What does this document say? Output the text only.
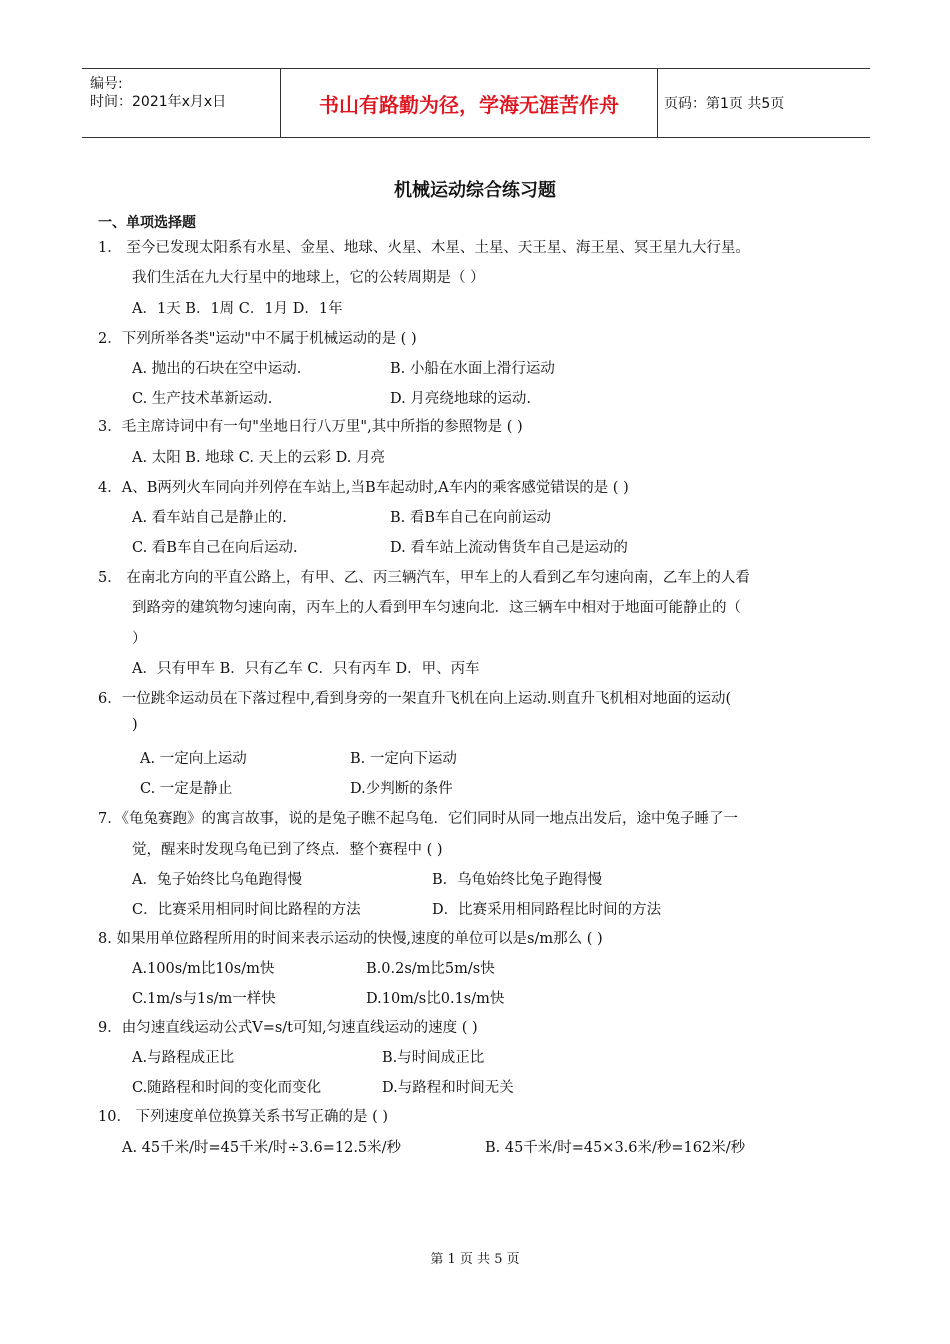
编号:
时间：2021年x月x日	书山有路勤为径，学海无涯苦作舟	页码：第1页 共5页
机械运动综合练习题
一、单项选择题
1． 至今已发现太阳系有水星、金星、地球、火星、木星、土星、天王星、海王星、冥王星九大行星。
我们生活在九大行星中的地球上，它的公转周期是（ ）
A．1天 B．1周 C．1月 D．1年
2．下列所举各类"运动"中不属于机械运动的是 ( )
A. 抛出的石块在空中运动.	B. 小船在水面上滑行运动
C. 生产技术革新运动.	D. 月亮绕地球的运动.
3．毛主席诗词中有一句"坐地日行八万里",其中所指的参照物是 ( )
A. 太阳 B. 地球 C. 天上的云彩 D. 月亮
4．A、B两列火车同向并列停在车站上,当B车起动时,A车内的乘客感觉错误的是 ( )
A. 看车站自己是静止的.	B. 看B车自己在向前运动
C. 看B车自己在向后运动.	D. 看车站上流动售货车自己是运动的
5． 在南北方向的平直公路上，有甲、乙、丙三辆汽车，甲车上的人看到乙车匀速向南，乙车上的人看
到路旁的建筑物匀速向南，丙车上的人看到甲车匀速向北．这三辆车中相对于地面可能静止的（
）
A．只有甲车 B．只有乙车 C．只有丙车 D．甲、丙车
6．一位跳伞运动员在下落过程中,看到身旁的一架直升飞机在向上运动.则直升飞机相对地面的运动(
)
A. 一定向上运动	B. 一定向下运动
C. 一定是静止	D.少判断的条件
7．《龟兔赛跑》的寓言故事，说的是兔子瞧不起乌龟．它们同时从同一地点出发后，途中兔子睡了一
觉，醒来时发现乌龟已到了终点．整个赛程中 ( )
A．兔子始终比乌龟跑得慢	B．乌龟始终比兔子跑得慢
C．比赛采用相同时间比路程的方法	D．比赛采用相同路程比时间的方法
8. 如果用单位路程所用的时间来表示运动的快慢,速度的单位可以是s/m那么 ( )
A.100s/m比10s/m快	B.0.2s/m比5m/s快
C.1m/s与1s/m一样快	D.10m/s比0.1s/m快
9．由匀速直线运动公式V=s/t可知,匀速直线运动的速度 ( )
A.与路程成正比	B.与时间成正比
C.随路程和时间的变化而变化	D.与路程和时间无关
10． 下列速度单位换算关系书写正确的是 ( )
A. 45千米/时=45千米/时÷3.6=12.5米/秒	B. 45千米/时=45×3.6米/秒=162米/秒
第 1 页 共 5 页
